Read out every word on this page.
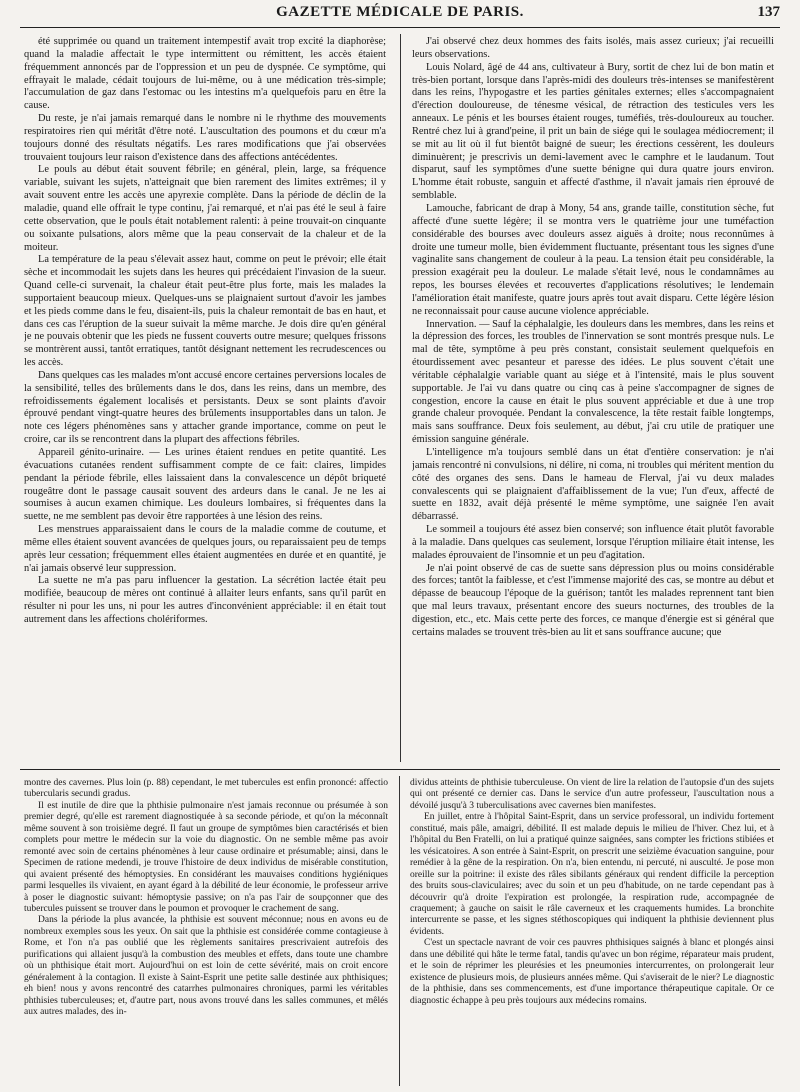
GAZETTE MÉDICALE DE PARIS.	137

été supprimée ou quand un traitement intempestif avait trop excité la diaphorèse; quand la maladie affectait le type intermittent ou rémittent, les accès étaient fréquemment annoncés par de l'oppression et un peu de dyspnée. Ce symptôme, qui effrayait le malade, cédait toujours de lui-même, ou à une médication très-simple; l'accumulation de gaz dans l'estomac ou les intestins m'a quelquefois paru en être la cause.

Du reste, je n'ai jamais remarqué dans le nombre ni le rhythme des mouvements respiratoires rien qui méritât d'être noté. L'auscultation des poumons et du cœur m'a toujours donné des résultats négatifs. Les rares modifications que j'ai observées trouvaient toujours leur raison d'existence dans des affections antécédentes.

Le pouls au début était souvent fébrile; en général, plein, large, sa fréquence variable, suivant les sujets, n'atteignait que bien rarement des limites extrêmes; il y avait souvent entre les accès une apyrexie complète. Dans la période de déclin de la maladie, quand elle offrait le type continu, j'ai remarqué, et n'ai pas été le seul à faire cette observation, que le pouls était notablement ralenti: à peine trouvait-on cinquante ou soixante pulsations, alors même que la peau conservait de la chaleur et de la moiteur.

La température de la peau s'élevait assez haut, comme on peut le prévoir; elle était sèche et incommodait les sujets dans les heures qui précédaient l'invasion de la sueur. Quand celle-ci survenait, la chaleur était peut-être plus forte, mais les malades la supportaient beaucoup mieux. Quelques-uns se plaignaient surtout d'avoir les jambes et les pieds comme dans le feu, disaient-ils, puis la chaleur remontait de bas en haut, et dans ces cas l'éruption de la sueur suivait la même marche. Je dois dire qu'en général je ne pouvais obtenir que les pieds ne fussent couverts outre mesure; quelques frissons se montrèrent aussi, tantôt erratiques, tantôt désignant nettement les recrudescences ou les accès.

Dans quelques cas les malades m'ont accusé encore certaines perversions locales de la sensibilité, telles des brûlements dans le dos, dans les reins, dans un membre, des refroidissements également localisés et persistants. Deux se sont plaints d'avoir éprouvé pendant vingt-quatre heures des brûlements insupportables dans un talon. Je note ces légers phénomènes sans y attacher grande importance, comme on peut le croire, car ils se rencontrent dans la plupart des affections fébriles.

Appareil génito-urinaire. — Les urines étaient rendues en petite quantité. Les évacuations cutanées rendent suffisamment compte de ce fait: claires, limpides pendant la période fébrile, elles laissaient dans la convalescence un dépôt briqueté rougeâtre dont le passage causait souvent des ardeurs dans le canal. Je ne les ai soumises à aucun examen chimique. Les douleurs lombaires, si fréquentes dans la suette, ne me semblent pas devoir être rapportées à une lésion des reins.

Les menstrues apparaissaient dans le cours de la maladie comme de coutume, et même elles étaient souvent avancées de quelques jours, ou reparaissaient peu de temps après leur cessation; fréquemment elles étaient augmentées en durée et en quantité, je n'ai jamais observé leur suppression.

La suette ne m'a pas paru influencer la gestation. La sécrétion lactée était peu modifiée, beaucoup de mères ont continué à allaiter leurs enfants, sans qu'il parût en résulter ni pour les uns, ni pour les autres d'inconvénient appréciable: il en était tout autrement dans les affections cholériformes.

J'ai observé chez deux hommes des faits isolés, mais assez curieux; j'ai recueilli leurs observations.

Louis Nolard, âgé de 44 ans, cultivateur à Bury, sortit de chez lui de bon matin et très-bien portant, lorsque dans l'après-midi des douleurs très-intenses se manifestèrent dans les reins, l'hypogastre et les parties génitales externes; elles s'accompagnaient d'érection douloureuse, de ténesme vésical, de rétraction des testicules vers les anneaux. Le pénis et les bourses étaient rouges, tuméfiés, très-douloureux au toucher. Rentré chez lui à grand'peine, il prit un bain de siége qui le soulagea médiocrement; il se mit au lit où il fut bientôt baigné de sueur; les érections cessèrent, les douleurs diminuèrent; je prescrivis un demi-lavement avec le camphre et le laudanum. Tout disparut, sauf les symptômes d'une suette bénigne qui dura quatre jours environ. L'homme était robuste, sanguin et affecté d'asthme, il n'avait jamais rien éprouvé de semblable.

Lamouche, fabricant de drap à Mony, 54 ans, grande taille, constitution sèche, fut affecté d'une suette légère; il se montra vers le quatrième jour une tuméfaction considérable des bourses avec douleurs assez aiguës à droite; nous reconnûmes à droite une tumeur molle, bien évidemment fluctuante, présentant tous les signes d'une vaginalite sans changement de couleur à la peau. La tension était peu considérable, la pression exagérait peu la douleur. Le malade s'était levé, nous le condamnâmes au repos, les bourses élevées et recouvertes d'applications résolutives; le lendemain l'amélioration était manifeste, quatre jours après tout avait disparu. Cette légère lésion ne reconnaissait pour cause aucune violence appréciable.

Innervation. — Sauf la céphalalgie, les douleurs dans les membres, dans les reins et la dépression des forces, les troubles de l'innervation se sont montrés presque nuls. Le mal de tête, symptôme à peu près constant, consistait seulement quelquefois en étourdissement avec pesanteur et paresse des idées. Le plus souvent c'était une véritable céphalalgie variable quant au siége et à l'intensité, mais le plus souvent supportable. Je l'ai vu dans quatre ou cinq cas à peine s'accompagner de signes de congestion, encore la cause en était le plus souvent appréciable et due à une trop grande chaleur provoquée. Pendant la convalescence, la tête restait faible longtemps, mais sans souffrance. Deux fois seulement, au début, j'ai cru utile de pratiquer une émission sanguine générale.

L'intelligence m'a toujours semblé dans un état d'entière conservation: je n'ai jamais rencontré ni convulsions, ni délire, ni coma, ni troubles qui méritent mention du côté des organes des sens. Dans le hameau de Flerval, j'ai vu deux malades convalescents qui se plaignaient d'affaiblissement de la vue; l'un d'eux, affecté de suette en 1832, avait déjà présenté le même symptôme, une saignée l'en avait débarrassé.

Le sommeil a toujours été assez bien conservé; son influence était plutôt favorable à la maladie. Dans quelques cas seulement, lorsque l'éruption miliaire était intense, les malades éprouvaient de l'insomnie et un peu d'agitation.

Je n'ai point observé de cas de suette sans dépression plus ou moins considérable des forces; tantôt la faiblesse, et c'est l'immense majorité des cas, se montre au début et dépasse de beaucoup l'époque de la guérison; tantôt les malades reprennent tant bien que mal leurs travaux, présentant encore des sueurs nocturnes, des troubles de la digestion, etc., etc. Mais cette perte des forces, ce manque d'énergie est si général que certains malades se trouvent très-bien au lit et sans souffrance aucune; que

montre des cavernes. Plus loin (p. 88) cependant, le met tubercules est enfin prononcé: affectio tubercularis secundi gradus.

Il est inutile de dire que la phthisie pulmonaire n'est jamais reconnue ou présumée à son premier degré, qu'elle est rarement diagnostiquée à sa seconde période, et qu'on la méconnaît même souvent à son troisième degré. Il faut un groupe de symptômes bien caractérisés et bien complets pour mettre le médecin sur la voie du diagnostic. On ne semble même pas avoir remonté avec soin de certains phénomènes à leur cause ordinaire et présumable; ainsi, dans le Specimen de ratione medendi, je trouve l'histoire de deux individus de misérable constitution, qui avaient présenté des hémoptysies. En considérant les mauvaises conditions hygiéniques parmi lesquelles ils vivaient, en ayant égard à la débilité de leur économie, le professeur arrive à poser le diagnostic suivant: hémoptysie passive; on n'a pas l'air de soupçonner que des tubercules puissent se trouver dans le poumon et provoquer le crachement de sang.

Dans la période la plus avancée, la phthisie est souvent méconnue; nous en avons eu de nombreux exemples sous les yeux. On sait que la phthisie est considérée comme contagieuse à Rome, et l'on n'a pas oublié que les règlements sanitaires prescrivaient autrefois des purifications qui allaient jusqu'à la combustion des meubles et effets, dans toute une chambre où un phthisique était mort. Aujourd'hui on est loin de cette sévérité, mais on croit encore généralement à la contagion. Il existe à Saint-Esprit une petite salle destinée aux phthisiques; eh bien! nous y avons rencontré des catarrhes pulmonaires chroniques, parmi les véritables phthisies tuberculeuses; et, d'autre part, nous avons trouvé dans les salles communes, et mêlés aux autres malades, des in-

dividus atteints de phthisie tuberculeuse. On vient de lire la relation de l'autopsie d'un des sujets qui ont présenté ce dernier cas. Dans le service d'un autre professeur, l'auscultation nous a dévoilé jusqu'à 3 tuberculisations avec cavernes bien manifestes.

En juillet, entre à l'hôpital Saint-Esprit, dans un service professoral, un individu fortement constitué, mais pâle, amaigri, débilité. Il est malade depuis le milieu de l'hiver. Chez lui, et à l'hôpital du Ben Fratelli, on lui a pratiqué quinze saignées, sans compter les frictions stibiées et les vésicatoires. A son entrée à Saint-Esprit, on prescrit une seizième évacuation sanguine, pour remédier à la gêne de la respiration. On n'a, bien entendu, ni percuté, ni ausculté. Je pose mon oreille sur la poitrine: il existe des râles sibilants généraux qui rendent difficile la perception des bruits sous-claviculaires; avec du soin et un peu d'habitude, on ne tarde cependant pas à découvrir qu'à droite l'expiration est prolongée, la respiration rude, accompagnée de craquement; à gauche on saisit le râle caverneux et les craquements humides. La bronchite intercurrente se passe, et les signes stéthoscopiques qui indiquent la phthisie deviennent plus évidents.

C'est un spectacle navrant de voir ces pauvres phthisiques saignés à blanc et plongés ainsi dans une débilité qui hâte le terme fatal, tandis qu'avec un bon régime, réparateur mais prudent, et le soin de réprimer les pleurésies et les pneumonies intercurrentes, on prolongerait leur existence de plusieurs mois, de plusieurs années même. Qui s'aviserait de le nier? Le diagnostic de la phthisie, dans ses commencements, est d'une importance thérapeutique capitale. Or ce diagnostic échappe à peu près toujours aux médecins romains.
